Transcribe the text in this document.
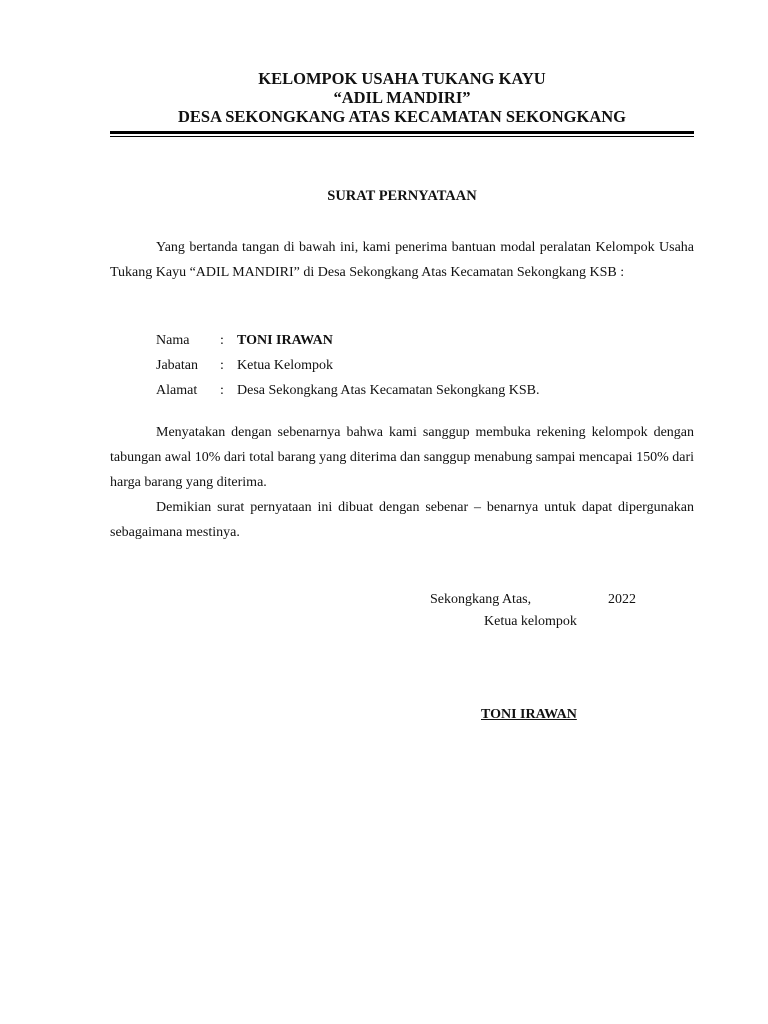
KELOMPOK USAHA TUKANG KAYU
“ADIL MANDIRI”
DESA SEKONGKANG ATAS KECAMATAN SEKONGKANG
SURAT PERNYATAAN
Yang bertanda tangan di bawah ini, kami penerima bantuan modal peralatan Kelompok Usaha Tukang Kayu “ADIL MANDIRI” di Desa Sekongkang Atas Kecamatan Sekongkang KSB :
Nama	: TONI IRAWAN
Jabatan	: Ketua Kelompok
Alamat	: Desa Sekongkang Atas Kecamatan Sekongkang KSB.
Menyatakan dengan sebenarnya bahwa kami sanggup membuka rekening kelompok dengan tabungan awal 10% dari total barang yang diterima dan sanggup menabung sampai mencapai 150% dari harga barang yang diterima.
Demikian surat pernyataan ini dibuat dengan sebenar – benarnya untuk dapat dipergunakan sebagaimana mestinya.
Sekongkang Atas,	2022
Ketua kelompok
TONI IRAWAN
